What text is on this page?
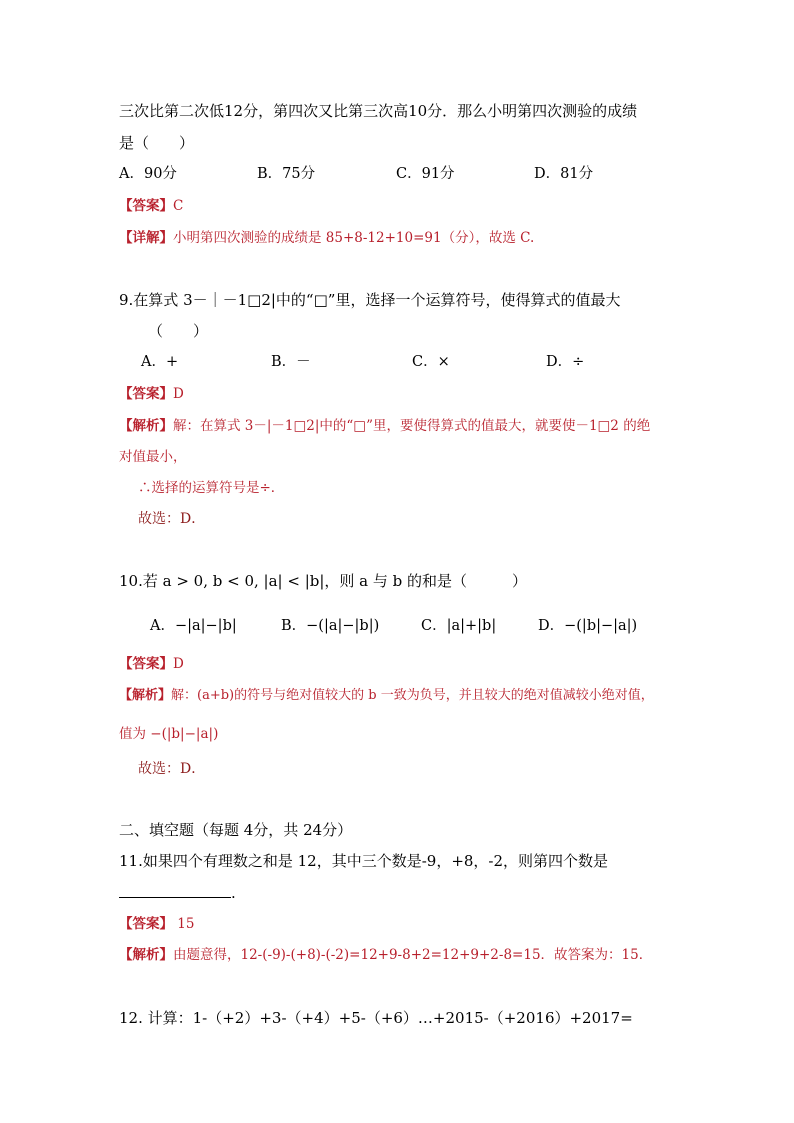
三次比第二次低12分，第四次又比第三次高10分．那么小明第四次测验的成绩
是（　　）
A．90分	B．75分	C．91分	D．81分
【答案】C
【详解】小明第四次测验的成绩是 85+8-12+10=91（分），故选 C.
9.在算式 3－｜－1□2|中的“□”里，选择一个运算符号，使得算式的值最大
（　　）
A．+	B．－	C．×	D．÷
【答案】D
【解析】解：在算式 3－|－1□2|中的“□”里，要使得算式的值最大，就要使－1□2 的绝
对值最小，
∴选择的运算符号是÷．
故选：D．
10.若 a > 0, b < 0, |a| < |b|，则 a 与 b 的和是（　　　）
A．−|a|−|b|	B．−(|a|−|b|)	C．|a|+|b|	D．−(|b|−|a|)
【答案】D
【解析】解：(a+b)的符号与绝对值较大的 b 一致为负号，并且较大的绝对值减较小绝对值，
值为 −(|b|−|a|)
故选：D．
二、填空题（每题 4分，共 24分）
11.如果四个有理数之和是 12，其中三个数是-9，+8，-2，则第四个数是
.
【答案】 15
【解析】由题意得，12-(-9)-(+8)-(-2)=12+9-8+2=12+9+2-8=15．故答案为：15．
12. 计算：1-（+2）+3-（+4）+5-（+6）…+2015-（+2016）+2017=
